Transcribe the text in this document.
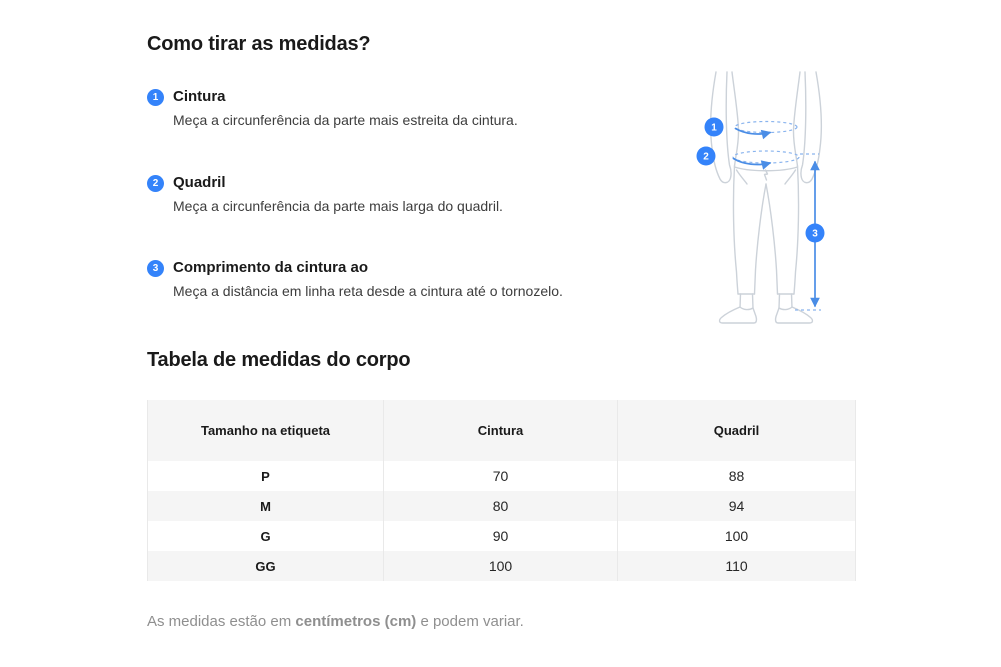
Como tirar as medidas?
1 Cintura
Meça a circunferência da parte mais estreita da cintura.
2 Quadril
Meça a circunferência da parte mais larga do quadril.
3 Comprimento da cintura ao
Meça a distância em linha reta desde a cintura até o tornozelo.
1
2
3
Tabela de medidas do corpo
Tamanho na etiqueta	Cintura	Quadril
P	70	88
M	80	94
G	90	100
GG	100	110

As medidas estão em centímetros (cm) e podem variar.
